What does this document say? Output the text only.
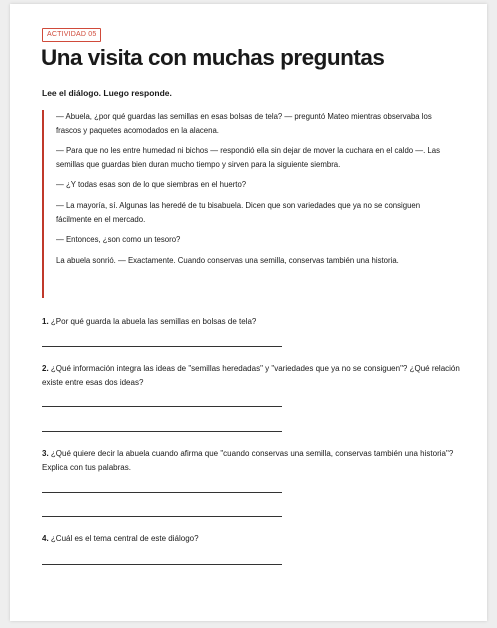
ACTIVIDAD 05
Una visita con muchas preguntas
Lee el diálogo. Luego responde.

— Abuela, ¿por qué guardas las semillas en esas bolsas de tela? — preguntó Mateo mientras observaba los frascos y paquetes acomodados en la alacena.

— Para que no les entre humedad ni bichos — respondió ella sin dejar de mover la cuchara en el caldo —. Las semillas que guardas bien duran mucho tiempo y sirven para la siguiente siembra.

— ¿Y todas esas son de lo que siembras en el huerto?

— La mayoría, sí. Algunas las heredé de tu bisabuela. Dicen que son variedades que ya no se consiguen fácilmente en el mercado.

— Entonces, ¿son como un tesoro?

La abuela sonrió. — Exactamente. Cuando conservas una semilla, conservas también una historia.

1. ¿Por qué guarda la abuela las semillas en bolsas de tela?
2. ¿Qué información integra las ideas de "semillas heredadas" y "variedades que ya no se consiguen"? ¿Qué relación existe entre esas dos ideas?
3. ¿Qué quiere decir la abuela cuando afirma que "cuando conservas una semilla, conservas también una historia"? Explica con tus palabras.
4. ¿Cuál es el tema central de este diálogo?
